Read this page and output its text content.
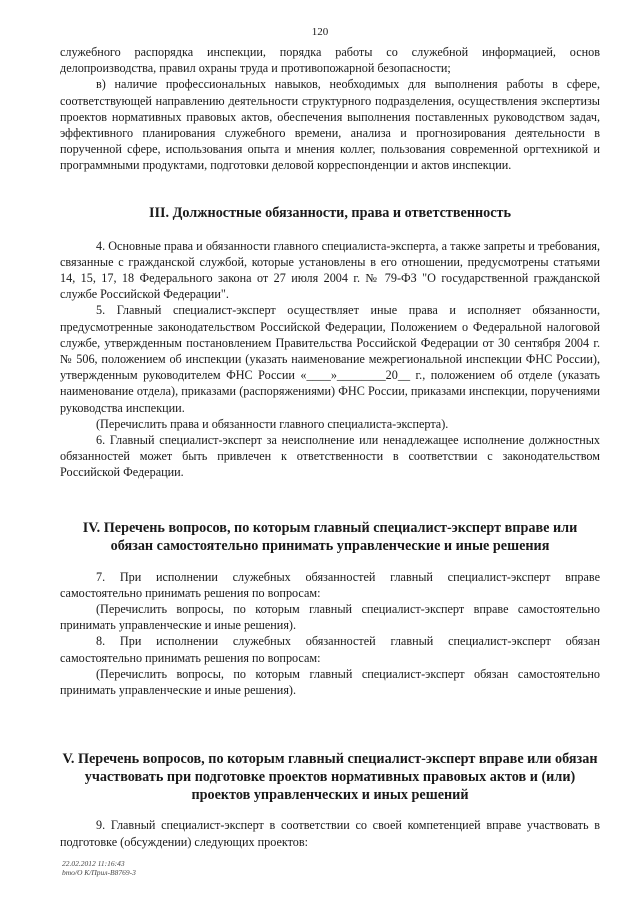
120

служебного распорядка инспекции, порядка работы со служебной информацией, основ делопроизводства, правил охраны труда и противопожарной безопасности;

в) наличие профессиональных навыков, необходимых для выполнения работы в сфере, соответствующей направлению деятельности структурного подразделения, осуществления экспертизы проектов нормативных правовых актов, обеспечения выполнения поставленных руководством задач, эффективного планирования служебного времени, анализа и прогнозирования деятельности в порученной сфере, использования опыта и мнения коллег, пользования современной оргтехникой и программными продуктами, подготовки деловой корреспонденции и актов инспекции.

III. Должностные обязанности, права и ответственность

4. Основные права и обязанности главного специалиста-эксперта, а также запреты и требования, связанные с гражданской службой, которые установлены в его отношении, предусмотрены статьями 14, 15, 17, 18 Федерального закона от 27 июля 2004 г. № 79-ФЗ "О государственной гражданской службе Российской Федерации".

5. Главный специалист-эксперт осуществляет иные права и исполняет обязанности, предусмотренные законодательством Российской Федерации, Положением о Федеральной налоговой службе, утвержденным постановлением Правительства Российской Федерации от 30 сентября 2004 г. № 506, положением об инспекции (указать наименование межрегиональной инспекции ФНС России), утвержденным руководителем ФНС России «____»________20__ г., положением об отделе (указать наименование отдела), приказами (распоряжениями) ФНС России, приказами инспекции, поручениями руководства инспекции.

(Перечислить права и обязанности главного специалиста-эксперта).

6. Главный специалист-эксперт за неисполнение или ненадлежащее исполнение должностных обязанностей может быть привлечен к ответственности в соответствии с законодательством Российской Федерации.

IV. Перечень вопросов, по которым главный специалист-эксперт вправе или обязан самостоятельно принимать управленческие и иные решения

7. При исполнении служебных обязанностей главный специалист-эксперт вправе самостоятельно принимать решения по вопросам:

(Перечислить вопросы, по которым главный специалист-эксперт вправе самостоятельно принимать управленческие и иные решения).

8. При исполнении служебных обязанностей главный специалист-эксперт обязан самостоятельно принимать решения по вопросам:

(Перечислить вопросы, по которым главный специалист-эксперт обязан самостоятельно принимать управленческие и иные решения).

V. Перечень вопросов, по которым главный специалист-эксперт вправе или обязан участвовать при подготовке проектов нормативных правовых актов и (или) проектов управленческих и иных решений

9. Главный специалист-эксперт в соответствии со своей компетенцией вправе участвовать в подготовке (обсуждении) следующих проектов:

22.02.2012 11:16:43
bmo/O К/Прил-В8769-3
